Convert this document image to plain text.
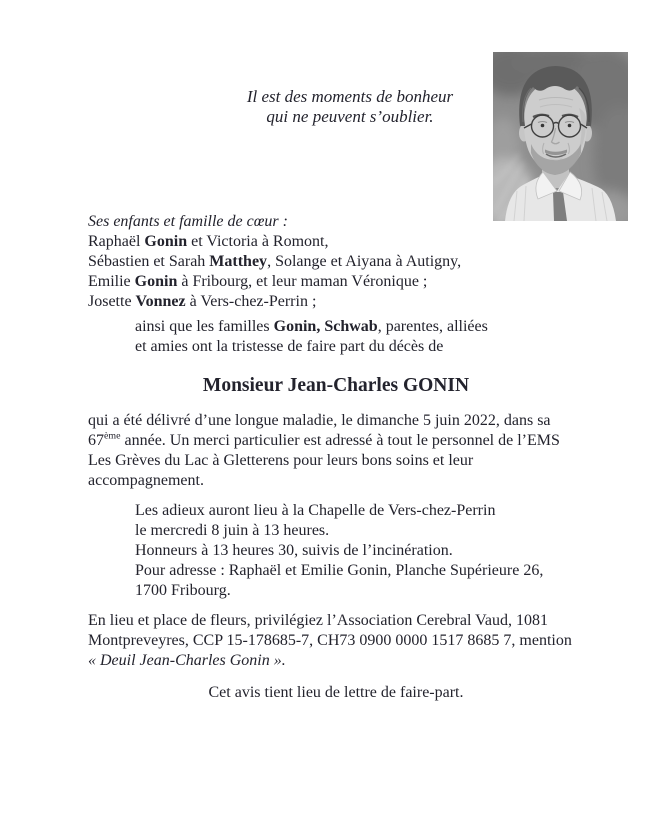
Il est des moments de bonheur
qui ne peuvent s’oublier.
Ses enfants et famille de cœur :
Raphaël Gonin et Victoria à Romont,
Sébastien et Sarah Matthey, Solange et Aiyana à Autigny,
Emilie Gonin à Fribourg, et leur maman Véronique ;
Josette Vonnez à Vers-chez-Perrin ;
ainsi que les familles Gonin, Schwab, parentes, alliées
et amies ont la tristesse de faire part du décès de
Monsieur Jean-Charles GONIN
qui a été délivré d’une longue maladie, le dimanche 5 juin 2022, dans sa
67ème année. Un merci particulier est adressé à tout le personnel de l’EMS
Les Grèves du Lac à Gletterens pour leurs bons soins et leur
accompagnement.
Les adieux auront lieu à la Chapelle de Vers-chez-Perrin
le mercredi 8 juin à 13 heures.
Honneurs à 13 heures 30, suivis de l’incinération.
Pour adresse : Raphaël et Emilie Gonin, Planche Supérieure 26,
1700 Fribourg.
En lieu et place de fleurs, privilégiez l’Association Cerebral Vaud, 1081
Montpreveyres, CCP 15-178685-7, CH73 0900 0000 1517 8685 7, mention
« Deuil Jean-Charles Gonin ».
Cet avis tient lieu de lettre de faire-part.
